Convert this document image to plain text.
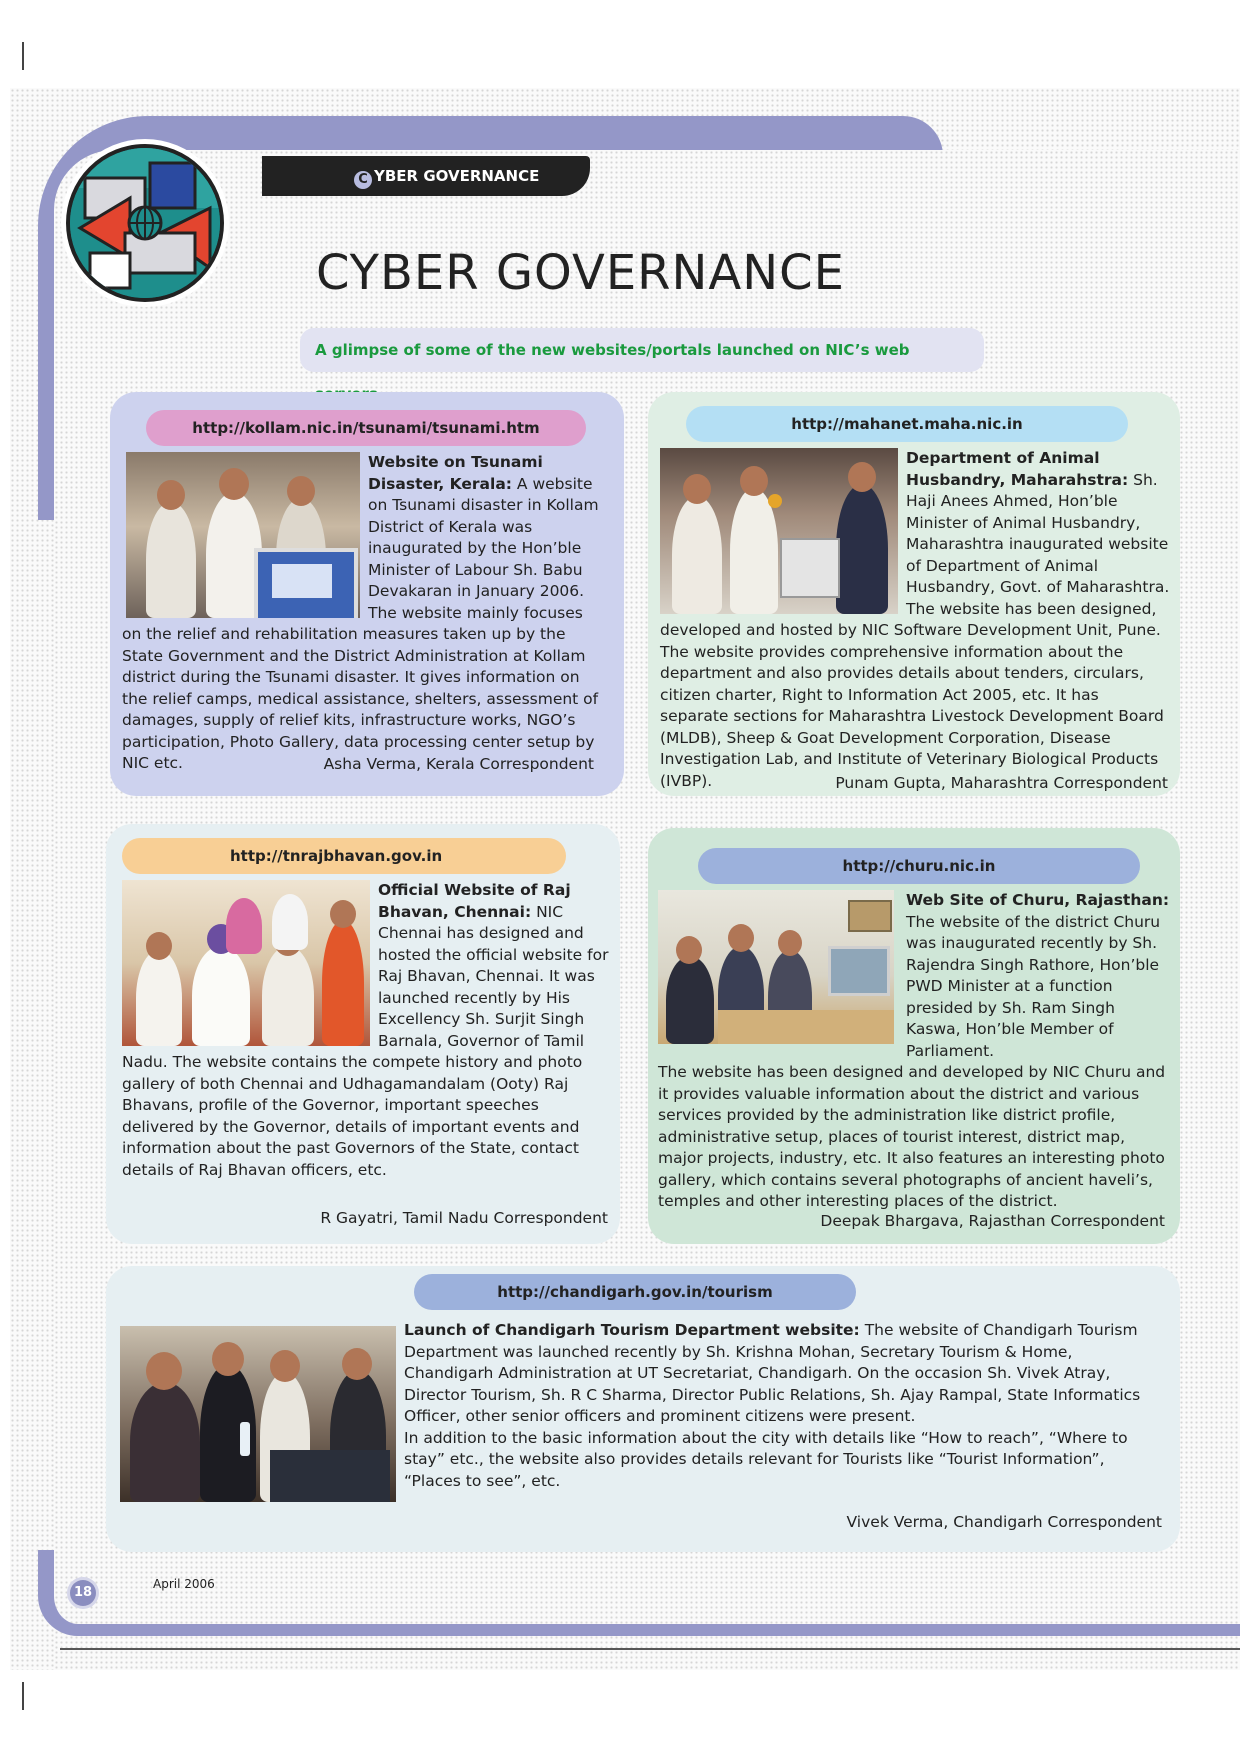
C YBER GOVERNANCE
CYBER GOVERNANCE
A glimpse of some of the new websites/portals launched on NIC’s web
http://kollam.nic.in/tsunami/tsunami.htm

Website on Tsunami Disaster, Kerala: A website on Tsunami disaster in Kollam District of Kerala was inaugurated by the Hon’ble Minister of Labour Sh. Babu Devakaran in January 2006.

The website mainly focuses on the relief and rehabilitation measures taken up by the State Government and the District Administration at Kollam district during the Tsunami disaster. It gives information on the relief camps, medical assistance, shelters, assessment of damages, supply of relief kits, infrastructure works, NGO’s participation, Photo Gallery, data processing center setup by NIC etc.	Asha Verma, Kerala Correspondent
http://mahanet.maha.nic.in

Department of Animal Husbandry, Maharahstra: Sh. Haji Anees Ahmed, Hon’ble Minister of Animal Husbandry, Maharashtra inaugurated website of Department of Animal Husbandry, Govt. of Maharashtra. The website has been designed, developed and hosted by NIC Software Development Unit, Pune.

The website provides comprehensive information about the department and also provides details about tenders, circulars, citizen charter, Right to Information Act 2005, etc. It has separate sections for Maharashtra Livestock Development Board (MLDB), Sheep & Goat Development Corporation, Disease Investigation Lab, and Institute of Veterinary Biological Products (IVBP).	Punam Gupta, Maharashtra Correspondent
http://tnrajbhavan.gov.in

Official Website of Raj Bhavan, Chennai: NIC Chennai has designed and hosted the official website for Raj Bhavan, Chennai. It was launched recently by His Excellency Sh. Surjit Singh Barnala, Governor of Tamil Nadu. The website contains the compete history and photo gallery of both Chennai and Udhagamandalam (Ooty) Raj Bhavans, profile of the Governor, important speeches delivered by the Governor, details of important events and information about the past Governors of the State, contact details of Raj Bhavan officers, etc.

R Gayatri, Tamil Nadu Correspondent
http://churu.nic.in

Web Site of Churu, Rajasthan: The website of the district Churu was inaugurated recently by Sh. Rajendra Singh Rathore, Hon’ble PWD Minister at a function presided by Sh. Ram Singh Kaswa, Hon’ble Member of Parliament.

The website has been designed and developed by NIC Churu and it provides valuable information about the district and various services provided by the administration like district profile, administrative setup, places of tourist interest, district map, major projects, industry, etc. It also features an interesting photo gallery, which contains several photographs of ancient haveli’s, temples and other interesting places of the district.

Deepak Bhargava, Rajasthan Correspondent
http://chandigarh.gov.in/tourism

Launch of Chandigarh Tourism Department website: The website of Chandigarh Tourism Department was launched recently by Sh. Krishna Mohan, Secretary Tourism & Home, Chandigarh Administration at UT Secretariat, Chandigarh. On the occasion Sh. Vivek Atray, Director Tourism, Sh. R C Sharma, Director Public Relations, Sh. Ajay Rampal, State Informatics Officer, other senior officers and prominent citizens were present.

In addition to the basic information about the city with details like “How to reach”, “Where to stay” etc., the website also provides details relevant for Tourists like “Tourist Information”, “Places to see”, etc.

Vivek Verma, Chandigarh Correspondent
18
April 2006
